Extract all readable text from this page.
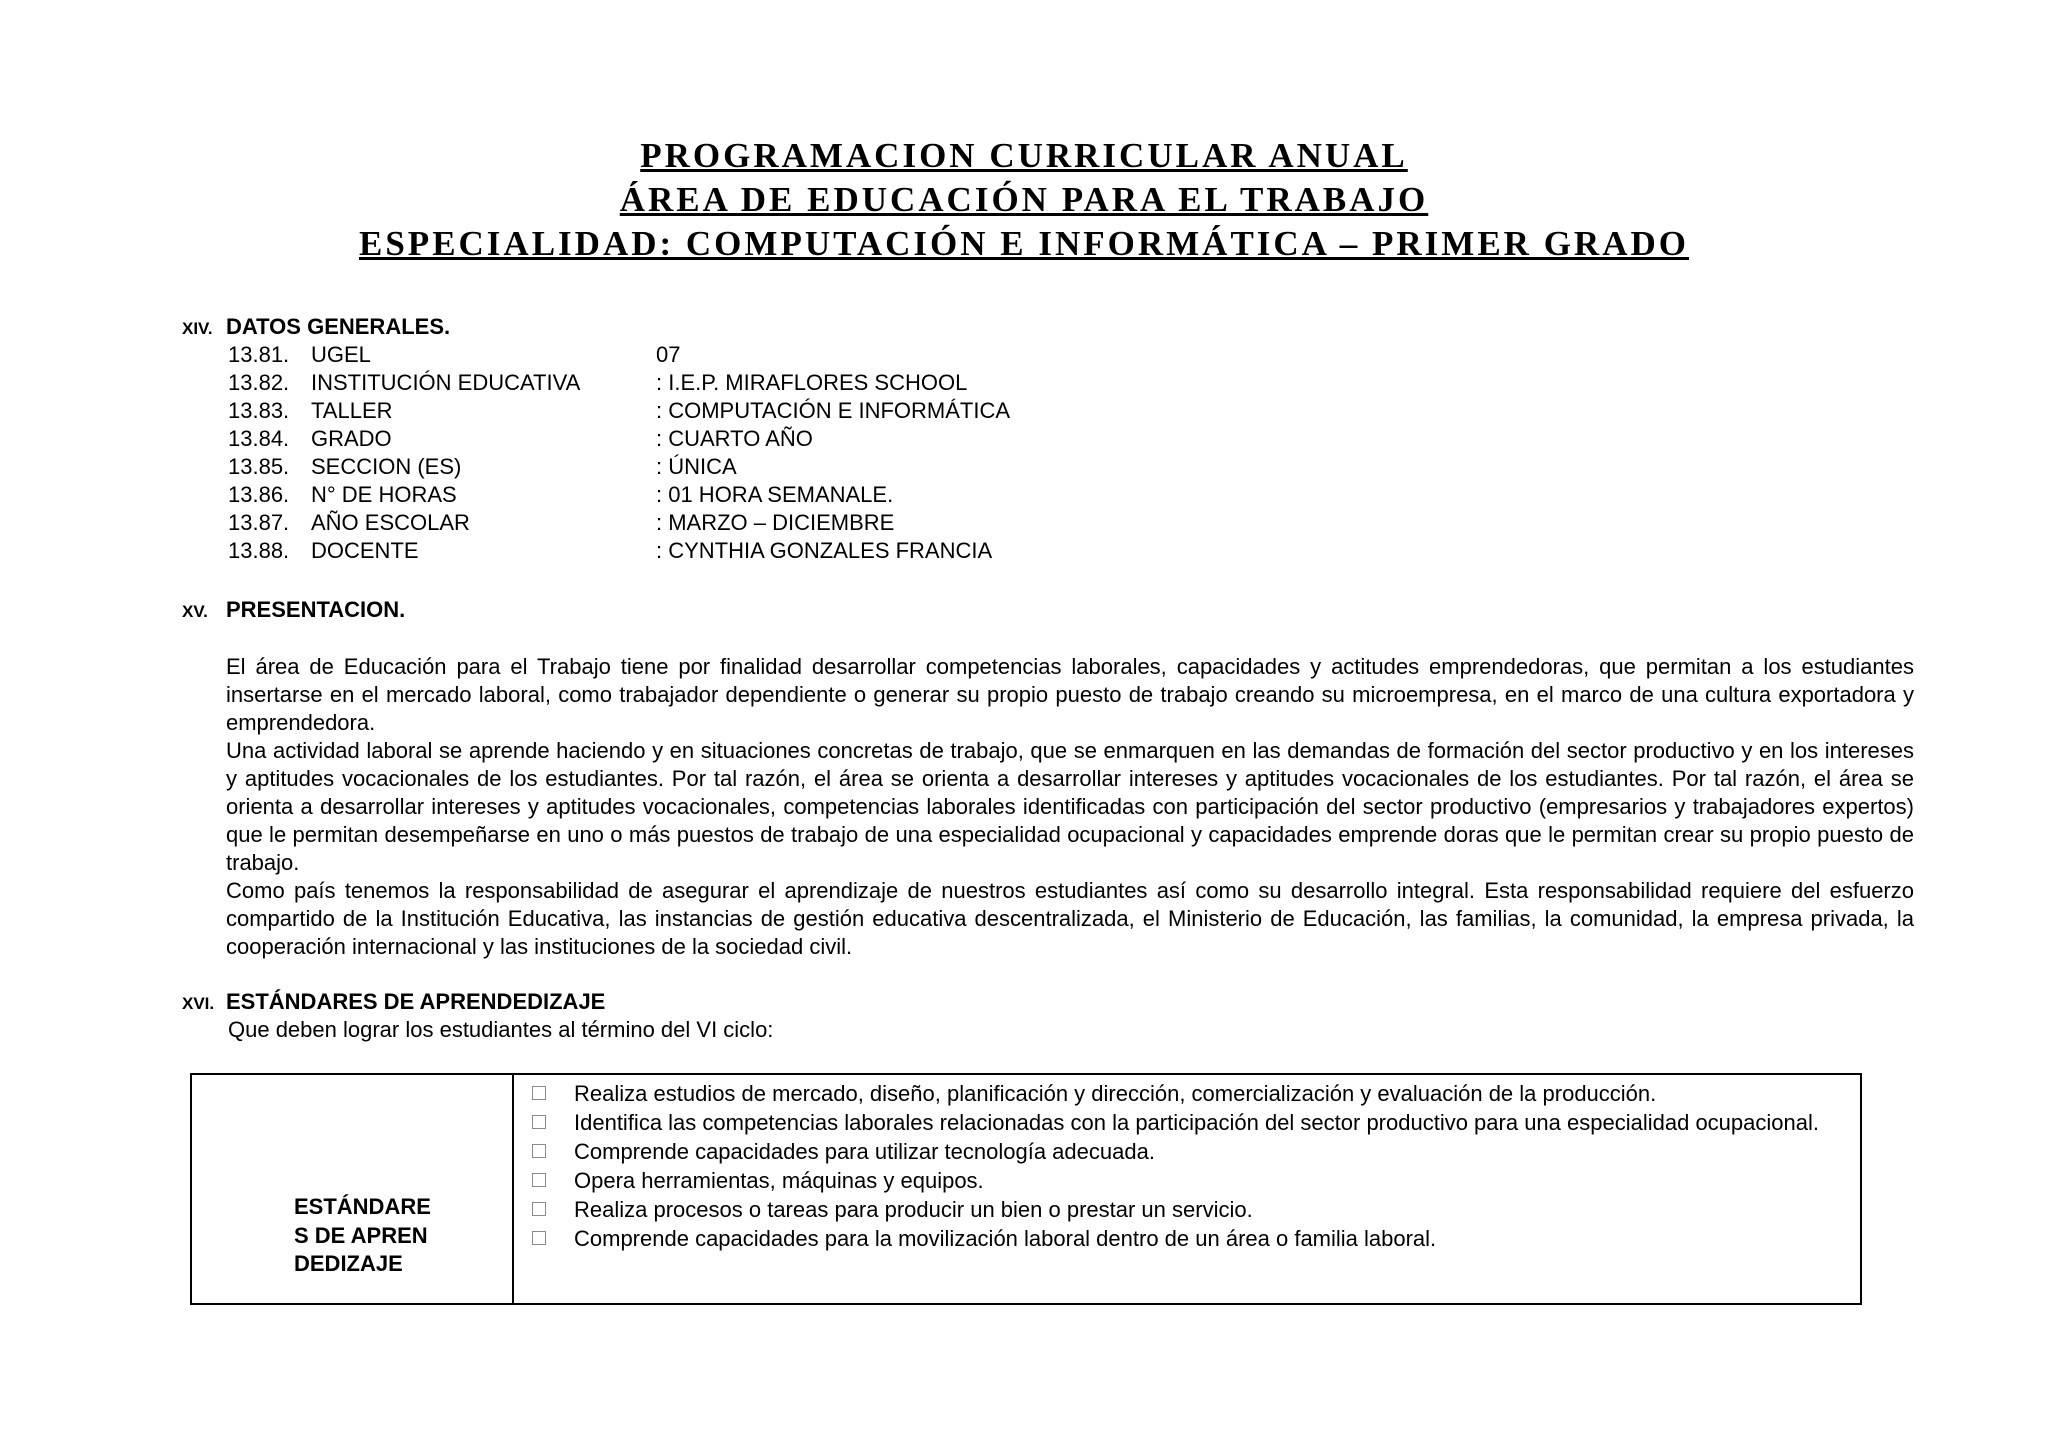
PROGRAMACION CURRICULAR ANUAL
ÁREA DE EDUCACIÓN PARA EL TRABAJO
ESPECIALIDAD: COMPUTACIÓN E INFORMÁTICA – PRIMER GRADO
XIV. DATOS GENERALES.
13.81. UGEL	07
13.82. INSTITUCIÓN EDUCATIVA	: I.E.P. MIRAFLORES SCHOOL
13.83. TALLER	: COMPUTACIÓN E INFORMÁTICA
13.84. GRADO	: CUARTO AÑO
13.85. SECCION (ES)	: ÚNICA
13.86. N° DE HORAS	: 01 HORA SEMANALE.
13.87. AÑO ESCOLAR	: MARZO – DICIEMBRE
13.88. DOCENTE	: CYNTHIA GONZALES FRANCIA
XV. PRESENTACION.

El área de Educación para el Trabajo tiene por finalidad desarrollar competencias laborales, capacidades y actitudes emprendedoras, que permitan a los estudiantes insertarse en el mercado laboral, como trabajador dependiente o generar su propio puesto de trabajo creando su microempresa, en el marco de una cultura exportadora y emprendedora.

Una actividad laboral se aprende haciendo y en situaciones concretas de trabajo, que se enmarquen en las demandas de formación del sector productivo y en los intereses y aptitudes vocacionales de los estudiantes. Por tal razón, el área se orienta a desarrollar intereses y aptitudes vocacionales de los estudiantes. Por tal razón, el área se orienta a desarrollar intereses y aptitudes vocacionales, competencias laborales identificadas con participación del sector productivo (empresarios y trabajadores expertos) que le permitan desempeñarse en uno o más puestos de trabajo de una especialidad ocupacional y capacidades emprende doras que le permitan crear su propio puesto de trabajo.

Como país tenemos la responsabilidad de asegurar el aprendizaje de nuestros estudiantes así como su desarrollo integral. Esta responsabilidad requiere del esfuerzo compartido de la Institución Educativa, las instancias de gestión educativa descentralizada, el Ministerio de Educación, las familias, la comunidad, la empresa privada, la cooperación internacional y las instituciones de la sociedad civil.

XVI. ESTÁNDARES DE APRENDEDIZAJE
Que deben lograr los estudiantes al término del VI ciclo:
ESTÁNDARES DE APRENDEDIZAJE
Realiza estudios de mercado, diseño, planificación y dirección, comercialización y evaluación de la producción.
Identifica las competencias laborales relacionadas con la participación del sector productivo para una especialidad ocupacional.
Comprende capacidades para utilizar tecnología adecuada.
Opera herramientas, máquinas y equipos.
Realiza procesos o tareas para producir un bien o prestar un servicio.
Comprende capacidades para la movilización laboral dentro de un área o familia laboral.
